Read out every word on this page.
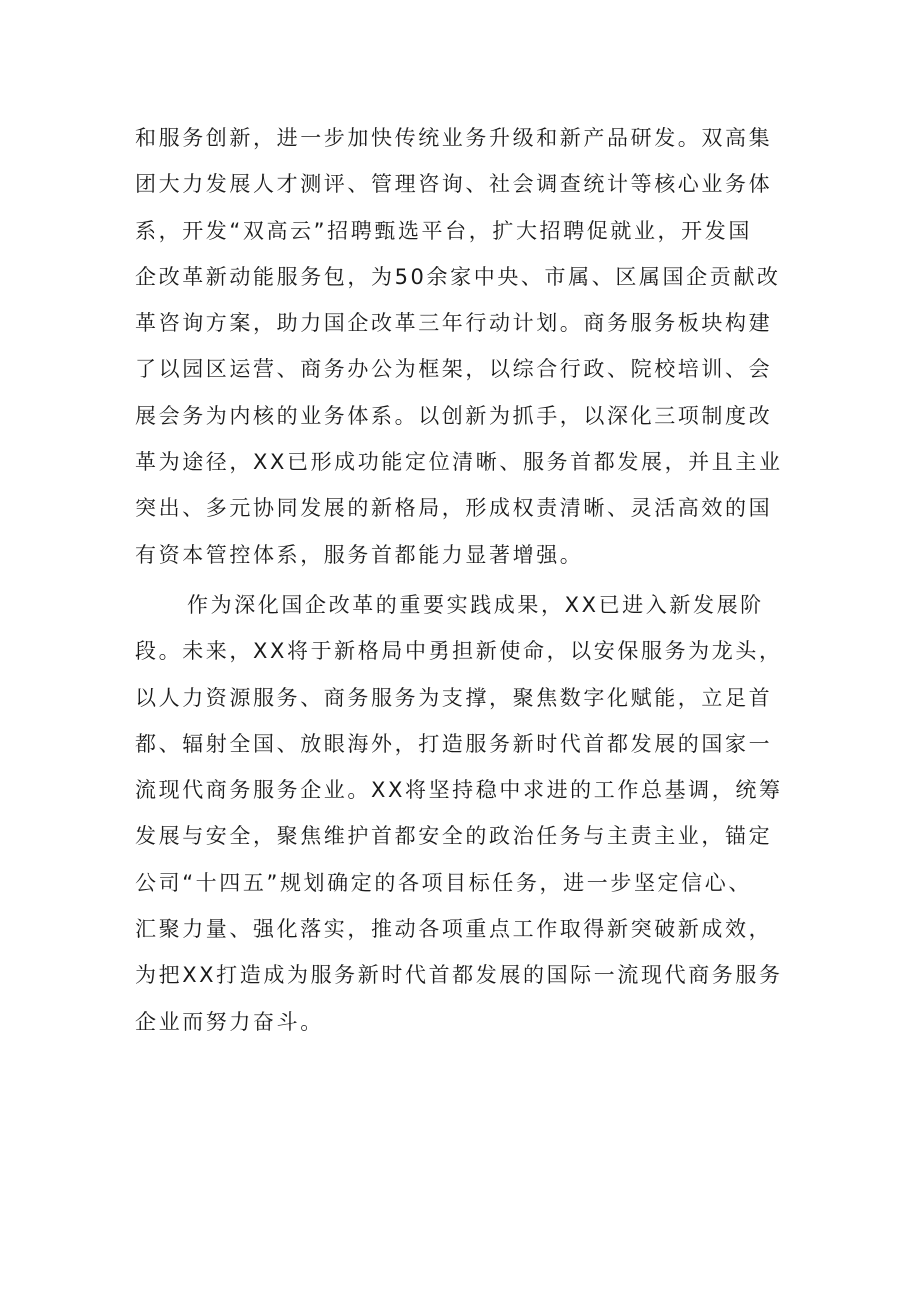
和服务创新，进一步加快传统业务升级和新产品研发。双高集
团大力发展人才测评、管理咨询、社会调查统计等核心业务体
系，开发“双高云”招聘甄选平台，扩大招聘促就业，开发国
企改革新动能服务包，为50余家中央、市属、区属国企贡献改
革咨询方案，助力国企改革三年行动计划。商务服务板块构建
了以园区运营、商务办公为框架，以综合行政、院校培训、会
展会务为内核的业务体系。以创新为抓手，以深化三项制度改
革为途径，XX已形成功能定位清晰、服务首都发展，并且主业
突出、多元协同发展的新格局，形成权责清晰、灵活高效的国
有资本管控体系，服务首都能力显著增强。
作为深化国企改革的重要实践成果，XX已进入新发展阶
段。未来，XX将于新格局中勇担新使命，以安保服务为龙头，
以人力资源服务、商务服务为支撑，聚焦数字化赋能，立足首
都、辐射全国、放眼海外，打造服务新时代首都发展的国家一
流现代商务服务企业。XX将坚持稳中求进的工作总基调，统筹
发展与安全，聚焦维护首都安全的政治任务与主责主业，锚定
公司“十四五”规划确定的各项目标任务，进一步坚定信心、
汇聚力量、强化落实，推动各项重点工作取得新突破新成效，
为把XX打造成为服务新时代首都发展的国际一流现代商务服务
企业而努力奋斗。
